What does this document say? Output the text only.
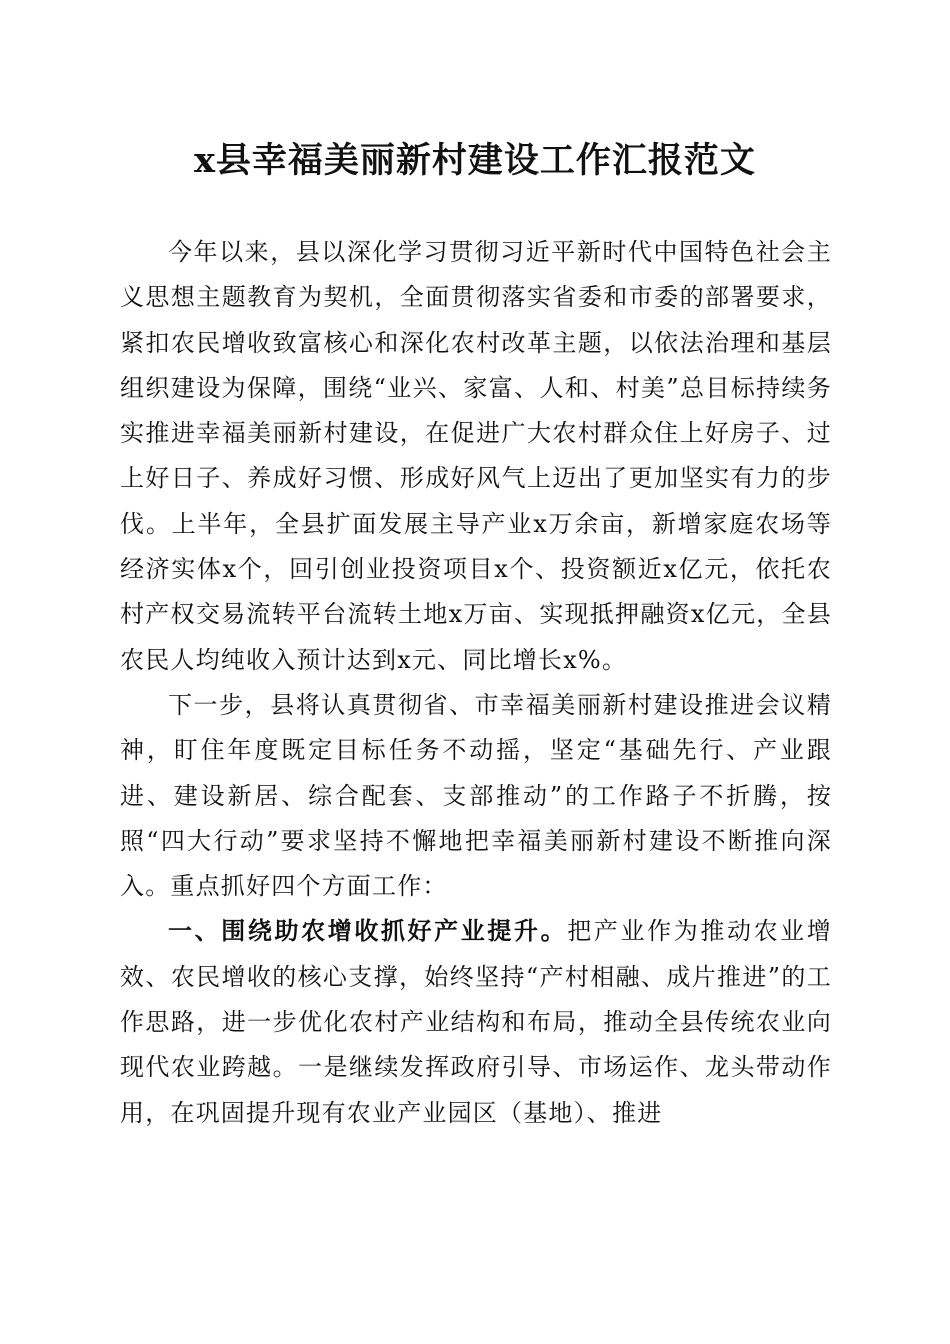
x县幸福美丽新村建设工作汇报范文

今年以来，县以深化学习贯彻习近平新时代中国特色社会主义思想主题教育为契机，全面贯彻落实省委和市委的部署要求，紧扣农民增收致富核心和深化农村改革主题，以依法治理和基层组织建设为保障，围绕“业兴、家富、人和、村美”总目标持续务实推进幸福美丽新村建设，在促进广大农村群众住上好房子、过上好日子、养成好习惯、形成好风气上迈出了更加坚实有力的步伐。上半年，全县扩面发展主导产业x万余亩，新增家庭农场等经济实体x个，回引创业投资项目x个、投资额近x亿元，依托农村产权交易流转平台流转土地x万亩、实现抵押融资x亿元，全县农民人均纯收入预计达到x元、同比增长x%。

下一步，县将认真贯彻省、市幸福美丽新村建设推进会议精神，盯住年度既定目标任务不动摇，坚定“基础先行、产业跟进、建设新居、综合配套、支部推动”的工作路子不折腾，按照“四大行动”要求坚持不懈地把幸福美丽新村建设不断推向深入。重点抓好四个方面工作：

一、围绕助农增收抓好产业提升。把产业作为推动农业增效、农民增收的核心支撑，始终坚持“产村相融、成片推进”的工作思路，进一步优化农村产业结构和布局，推动全县传统农业向现代农业跨越。一是继续发挥政府引导、市场运作、龙头带动作用，在巩固提升现有农业产业园区（基地）、推进
